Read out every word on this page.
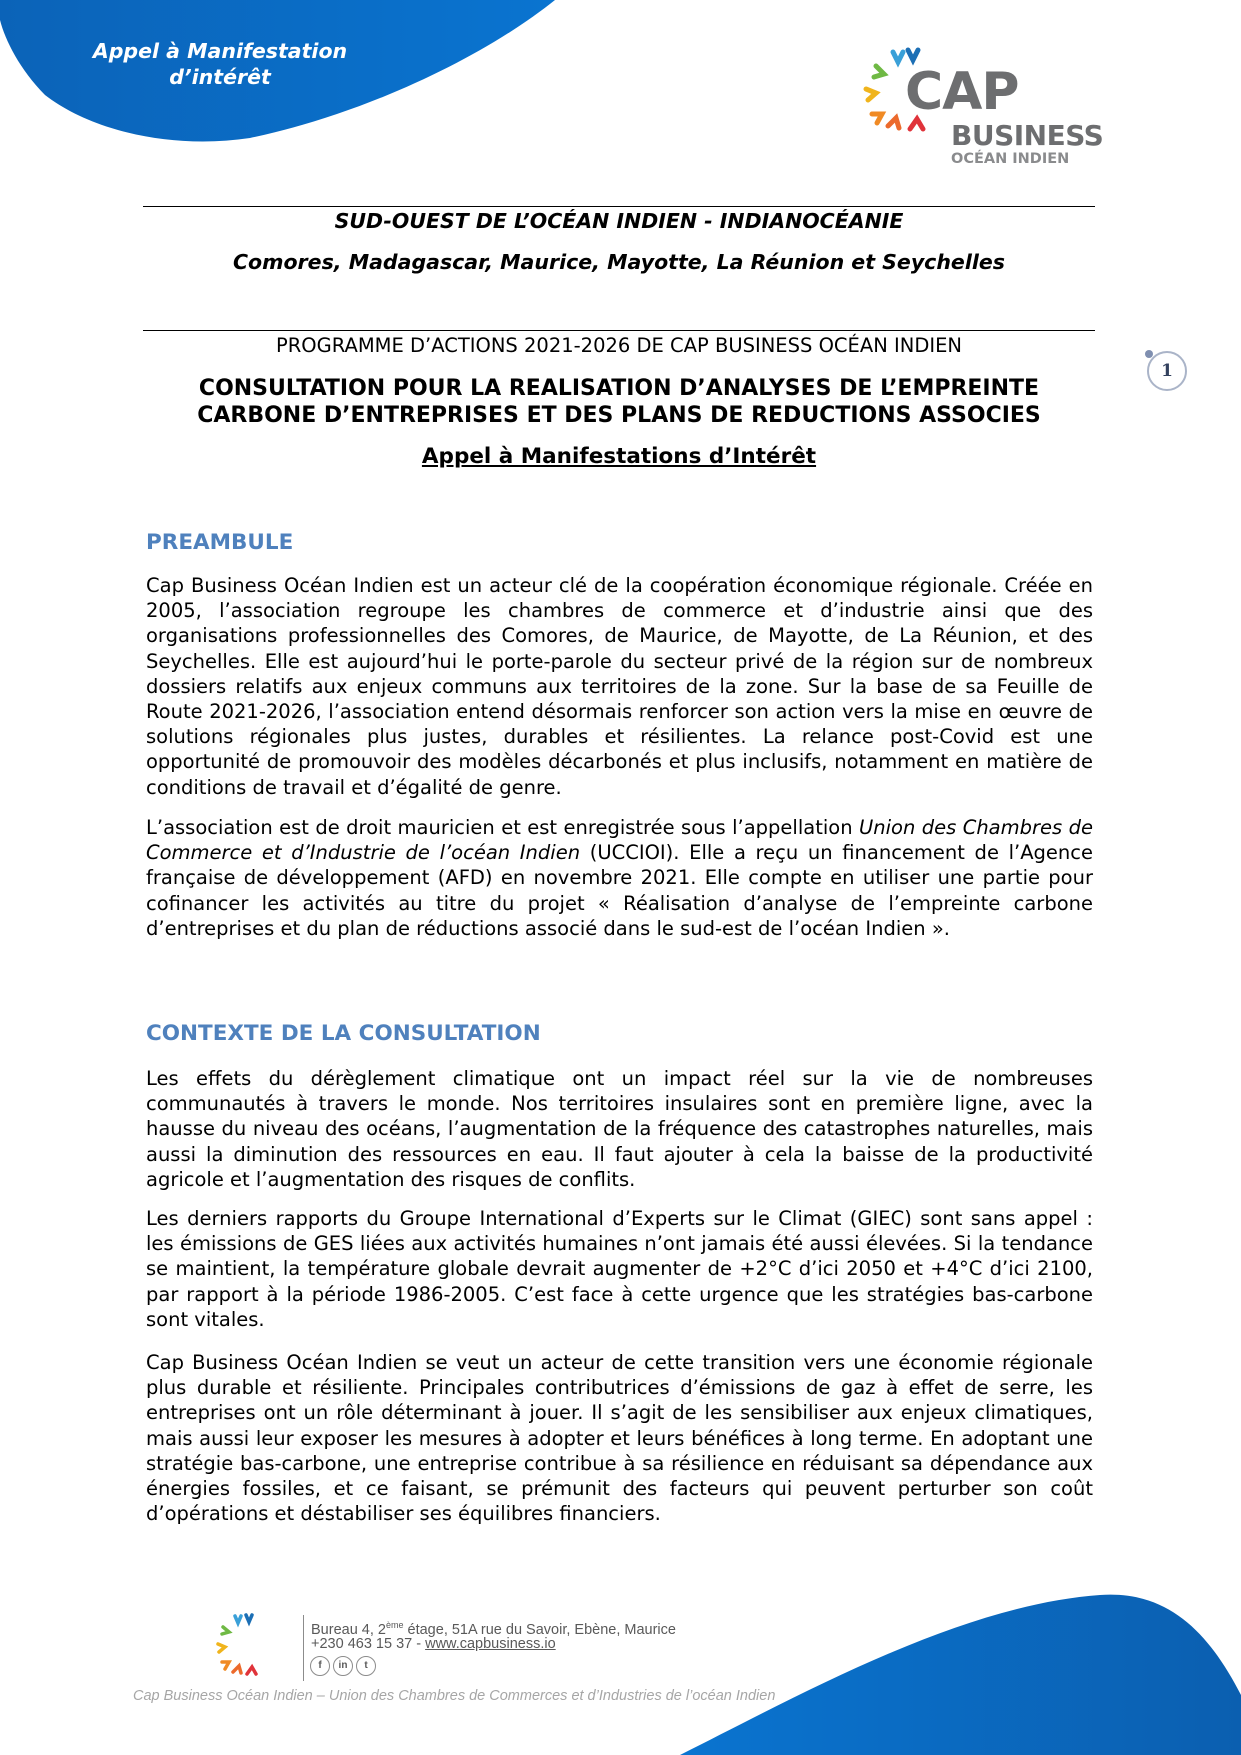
Appel à Manifestation
d’intérêt	CAP
BUSINESS
OCÉAN INDIEN
SUD-OUEST DE L’OCÉAN INDIEN - INDIANOCÉANIE
Comores, Madagascar, Maurice, Mayotte, La Réunion et Seychelles
PROGRAMME D’ACTIONS 2021-2026 DE CAP BUSINESS OCÉAN INDIEN
CONSULTATION POUR LA REALISATION D’ANALYSES DE L’EMPREINTE
CARBONE D’ENTREPRISES ET DES PLANS DE REDUCTIONS ASSOCIES
Appel à Manifestations d’Intérêt
1
PREAMBULE

Cap Business Océan Indien est un acteur clé de la coopération économique régionale. Créée en 2005, l’association regroupe les chambres de commerce et d’industrie ainsi que des organisations professionnelles des Comores, de Maurice, de Mayotte, de La Réunion, et des Seychelles. Elle est aujourd’hui le porte-parole du secteur privé de la région sur de nombreux dossiers relatifs aux enjeux communs aux territoires de la zone. Sur la base de sa Feuille de Route 2021-2026, l’association entend désormais renforcer son action vers la mise en œuvre de solutions régionales plus justes, durables et résilientes. La relance post-Covid est une opportunité de promouvoir des modèles décarbonés et plus inclusifs, notamment en matière de conditions de travail et d’égalité de genre.

L’association est de droit mauricien et est enregistrée sous l’appellation Union des Chambres de Commerce et d’Industrie de l’océan Indien (UCCIOI). Elle a reçu un financement de l’Agence française de développement (AFD) en novembre 2021. Elle compte en utiliser une partie pour cofinancer les activités au titre du projet « Réalisation d’analyse de l’empreinte carbone d’entreprises et du plan de réductions associé dans le sud-est de l’océan Indien ».

CONTEXTE DE LA CONSULTATION

Les effets du dérèglement climatique ont un impact réel sur la vie de nombreuses communautés à travers le monde. Nos territoires insulaires sont en première ligne, avec la hausse du niveau des océans, l’augmentation de la fréquence des catastrophes naturelles, mais aussi la diminution des ressources en eau. Il faut ajouter à cela la baisse de la productivité agricole et l’augmentation des risques de conflits.

Les derniers rapports du Groupe International d’Experts sur le Climat (GIEC) sont sans appel : les émissions de GES liées aux activités humaines n’ont jamais été aussi élevées. Si la tendance se maintient, la température globale devrait augmenter de +2°C d’ici 2050 et +4°C d’ici 2100, par rapport à la période 1986-2005. C’est face à cette urgence que les stratégies bas-carbone sont vitales.

Cap Business Océan Indien se veut un acteur de cette transition vers une économie régionale plus durable et résiliente. Principales contributrices d’émissions de gaz à effet de serre, les entreprises ont un rôle déterminant à jouer. Il s’agit de les sensibiliser aux enjeux climatiques, mais aussi leur exposer les mesures à adopter et leurs bénéfices à long terme. En adoptant une stratégie bas-carbone, une entreprise contribue à sa résilience en réduisant sa dépendance aux énergies fossiles, et ce faisant, se prémunit des facteurs qui peuvent perturber son coût d’opérations et déstabiliser ses équilibres financiers.

Bureau 4, 2ème étage, 51A rue du Savoir, Ebène, Maurice
+230 463 15 37 - www.capbusiness.io
f	in	t
Cap Business Océan Indien – Union des Chambres de Commerces et d’Industries de l’océan Indien
